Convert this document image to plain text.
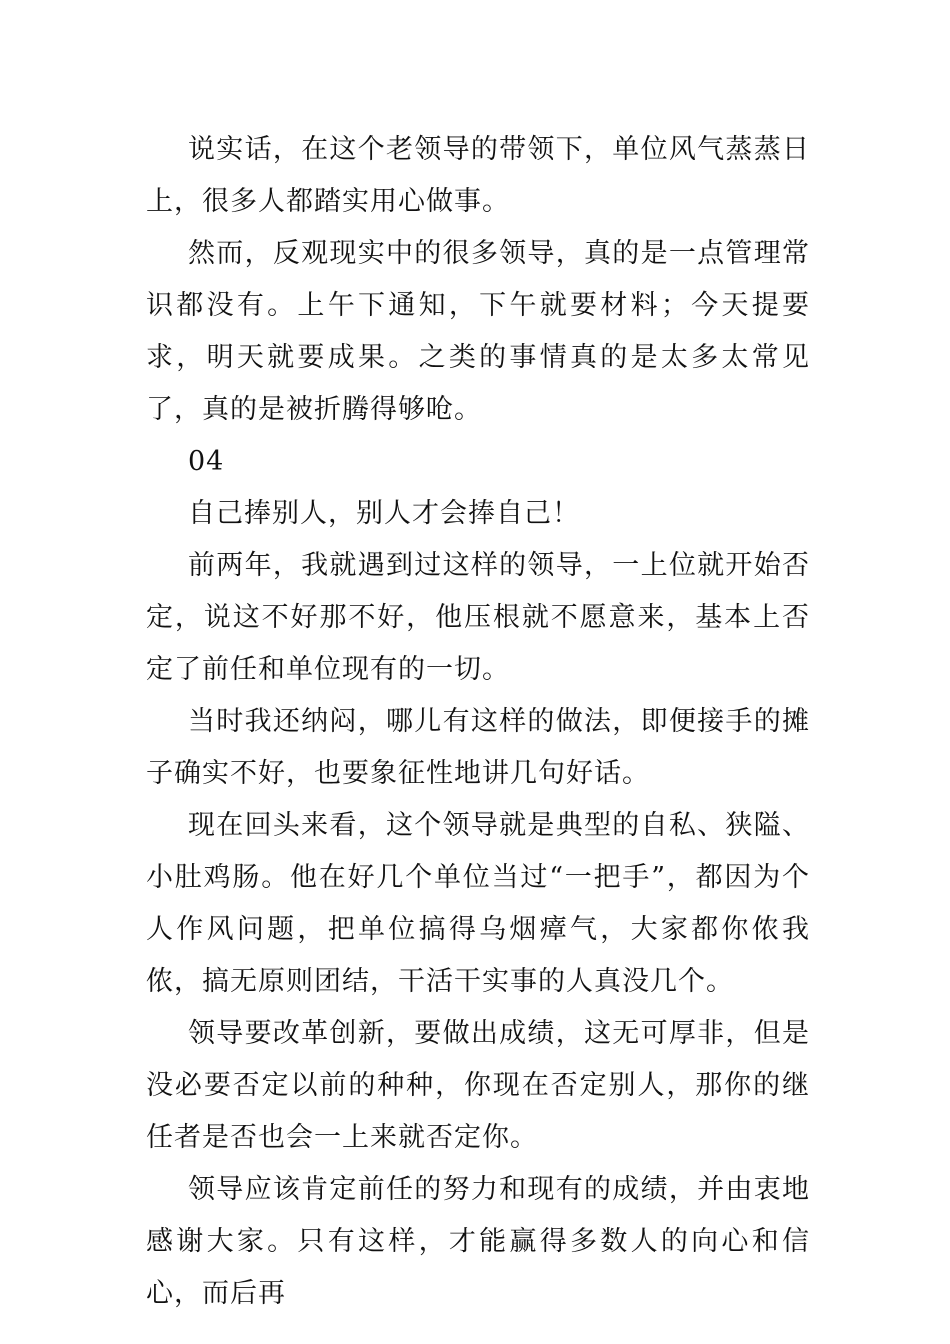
说实话，在这个老领导的带领下，单位风气蒸蒸日上，很多人都踏实用心做事。

然而，反观现实中的很多领导，真的是一点管理常识都没有。上午下通知，下午就要材料；今天提要求，明天就要成果。之类的事情真的是太多太常见了，真的是被折腾得够呛。

04

自己捧别人，别人才会捧自己！

前两年，我就遇到过这样的领导，一上位就开始否定，说这不好那不好，他压根就不愿意来，基本上否定了前任和单位现有的一切。

当时我还纳闷，哪儿有这样的做法，即便接手的摊子确实不好，也要象征性地讲几句好话。

现在回头来看，这个领导就是典型的自私、狭隘、小肚鸡肠。他在好几个单位当过“一把手”，都因为个人作风问题，把单位搞得乌烟瘴气，大家都你侬我侬，搞无原则团结，干活干实事的人真没几个。

领导要改革创新，要做出成绩，这无可厚非，但是没必要否定以前的种种，你现在否定别人，那你的继任者是否也会一上来就否定你。

领导应该肯定前任的努力和现有的成绩，并由衷地感谢大家。只有这样，才能赢得多数人的向心和信心，而后再
